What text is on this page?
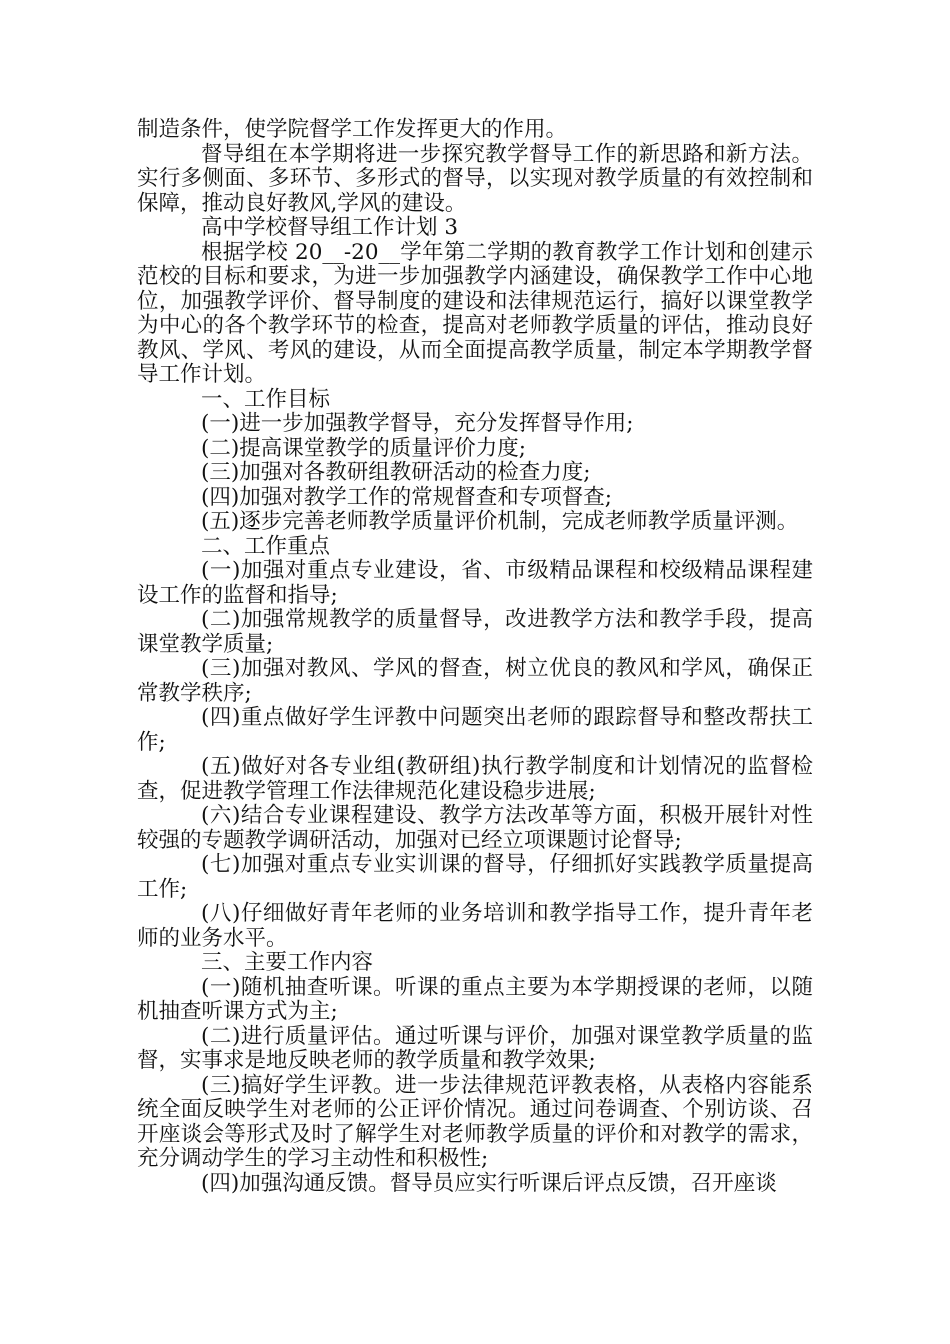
制造条件，使学院督学工作发挥更大的作用。

督导组在本学期将进一步探究教学督导工作的新思路和新方法。实行多侧面、多环节、多形式的督导，以实现对教学质量的有效控制和保障，推动良好教风,学风的建设。

高中学校督导组工作计划 3

根据学校 20__-20__学年第二学期的教育教学工作计划和创建示范校的目标和要求，为进一步加强教学内涵建设，确保教学工作中心地位，加强教学评价、督导制度的建设和法律规范运行，搞好以课堂教学为中心的各个教学环节的检查，提高对老师教学质量的评估，推动良好教风、学风、考风的建设，从而全面提高教学质量，制定本学期教学督导工作计划。

一、工作目标

(一)进一步加强教学督导，充分发挥督导作用;

(二)提高课堂教学的质量评价力度;

(三)加强对各教研组教研活动的检查力度;

(四)加强对教学工作的常规督查和专项督查;

(五)逐步完善老师教学质量评价机制，完成老师教学质量评测。

二、工作重点

(一)加强对重点专业建设，省、市级精品课程和校级精品课程建设工作的监督和指导;

(二)加强常规教学的质量督导，改进教学方法和教学手段，提高课堂教学质量;

(三)加强对教风、学风的督查，树立优良的教风和学风，确保正常教学秩序;

(四)重点做好学生评教中问题突出老师的跟踪督导和整改帮扶工作;

(五)做好对各专业组(教研组)执行教学制度和计划情况的监督检查，促进教学管理工作法律规范化建设稳步进展;

(六)结合专业课程建设、教学方法改革等方面，积极开展针对性较强的专题教学调研活动，加强对已经立项课题讨论督导;

(七)加强对重点专业实训课的督导，仔细抓好实践教学质量提高工作;

(八)仔细做好青年老师的业务培训和教学指导工作，提升青年老师的业务水平。

三、主要工作内容

(一)随机抽查听课。听课的重点主要为本学期授课的老师，以随机抽查听课方式为主;

(二)进行质量评估。通过听课与评价，加强对课堂教学质量的监督，实事求是地反映老师的教学质量和教学效果;

(三)搞好学生评教。进一步法律规范评教表格，从表格内容能系统全面反映学生对老师的公正评价情况。通过问卷调查、个别访谈、召开座谈会等形式及时了解学生对老师教学质量的评价和对教学的需求，充分调动学生的学习主动性和积极性;

(四)加强沟通反馈。督导员应实行听课后评点反馈，召开座谈
